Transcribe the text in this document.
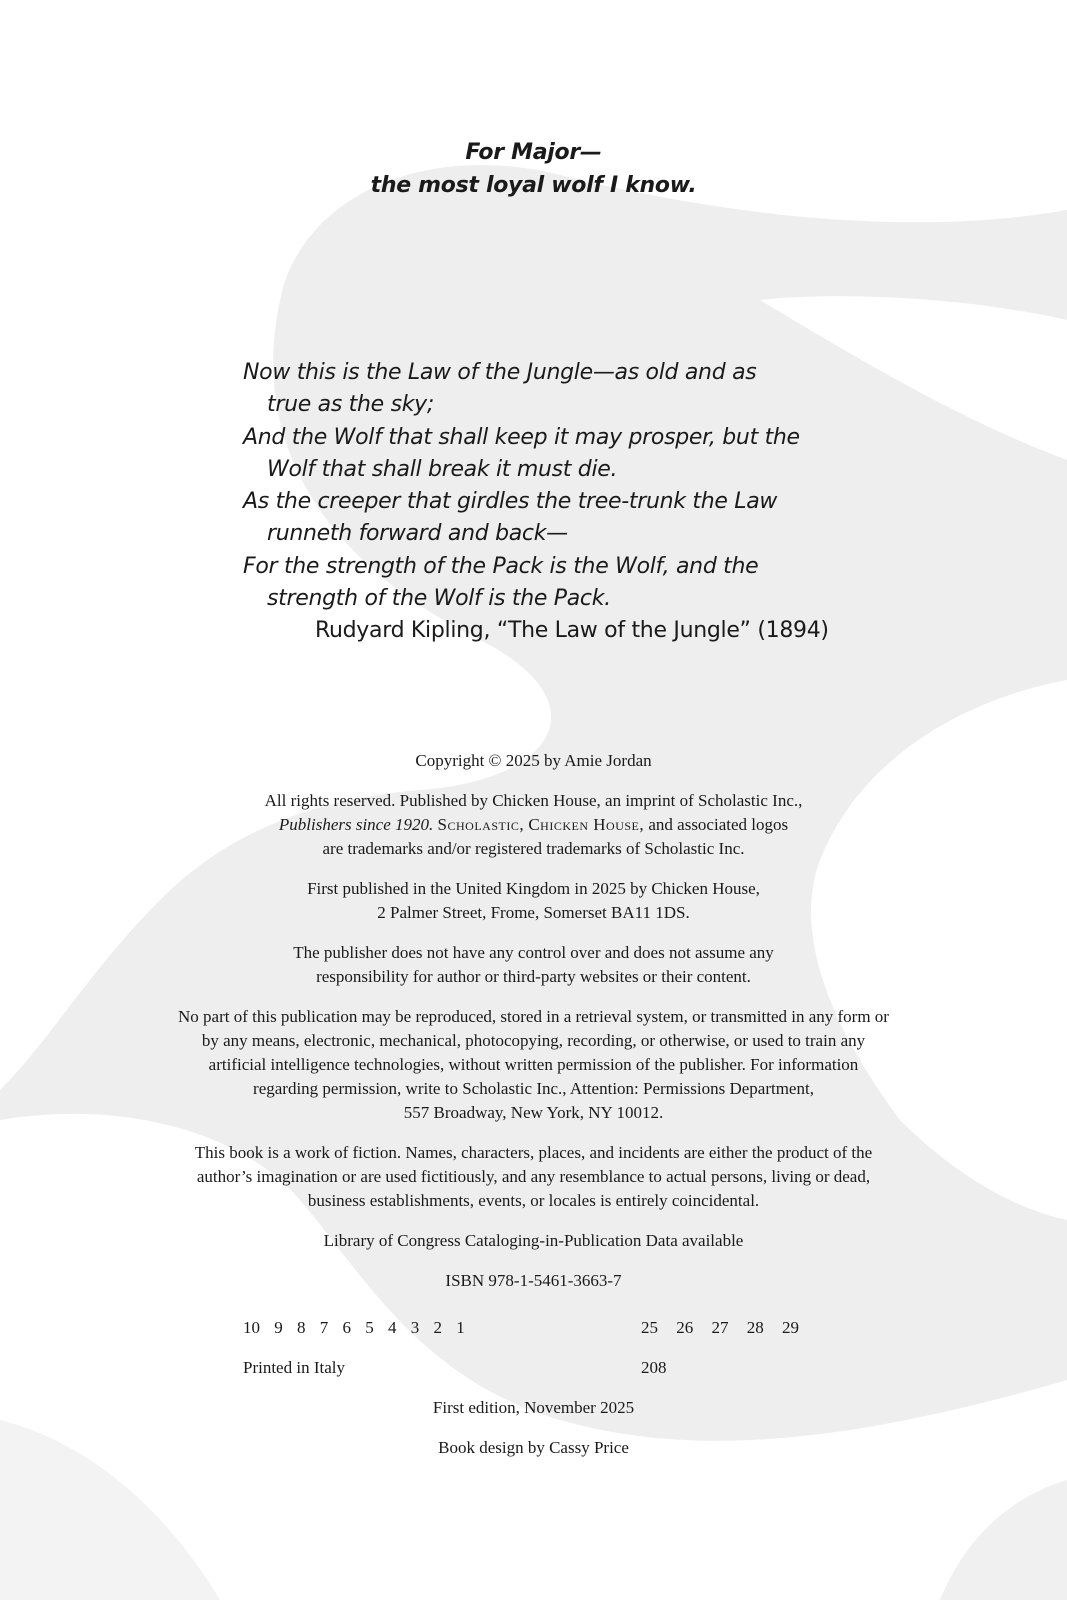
For Major—
the most loyal wolf I know.
Now this is the Law of the Jungle—as old and as
true as the sky;
And the Wolf that shall keep it may prosper, but the
Wolf that shall break it must die.
As the creeper that girdles the tree-trunk the Law
runneth forward and back—
For the strength of the Pack is the Wolf, and the
strength of the Wolf is the Pack.
Rudyard Kipling, “The Law of the Jungle” (1894)

Copyright © 2025 by Amie Jordan

All rights reserved. Published by Chicken House, an imprint of Scholastic Inc.,
Publishers since 1920. Scholastic, Chicken House, and associated logos
are trademarks and/or registered trademarks of Scholastic Inc.

First published in the United Kingdom in 2025 by Chicken House,
2 Palmer Street, Frome, Somerset BA11 1DS.

The publisher does not have any control over and does not assume any
responsibility for author or third-party websites or their content.

No part of this publication may be reproduced, stored in a retrieval system, or transmitted in any form or
by any means, electronic, mechanical, photocopying, recording, or otherwise, or used to train any
artificial intelligence technologies, without written permission of the publisher. For information
regarding permission, write to Scholastic Inc., Attention: Permissions Department,
557 Broadway, New York, NY 10012.

This book is a work of fiction. Names, characters, places, and incidents are either the product of the
author’s imagination or are used fictitiously, and any resemblance to actual persons, living or dead,
business establishments, events, or locales is entirely coincidental.

Library of Congress Cataloging-in-Publication Data available

ISBN 978-1-5461-3663-7

10 9 8 7 6 5 4 3 2 1	25 26 27 28 29
Printed in Italy	208
First edition, November 2025
Book design by Cassy Price
